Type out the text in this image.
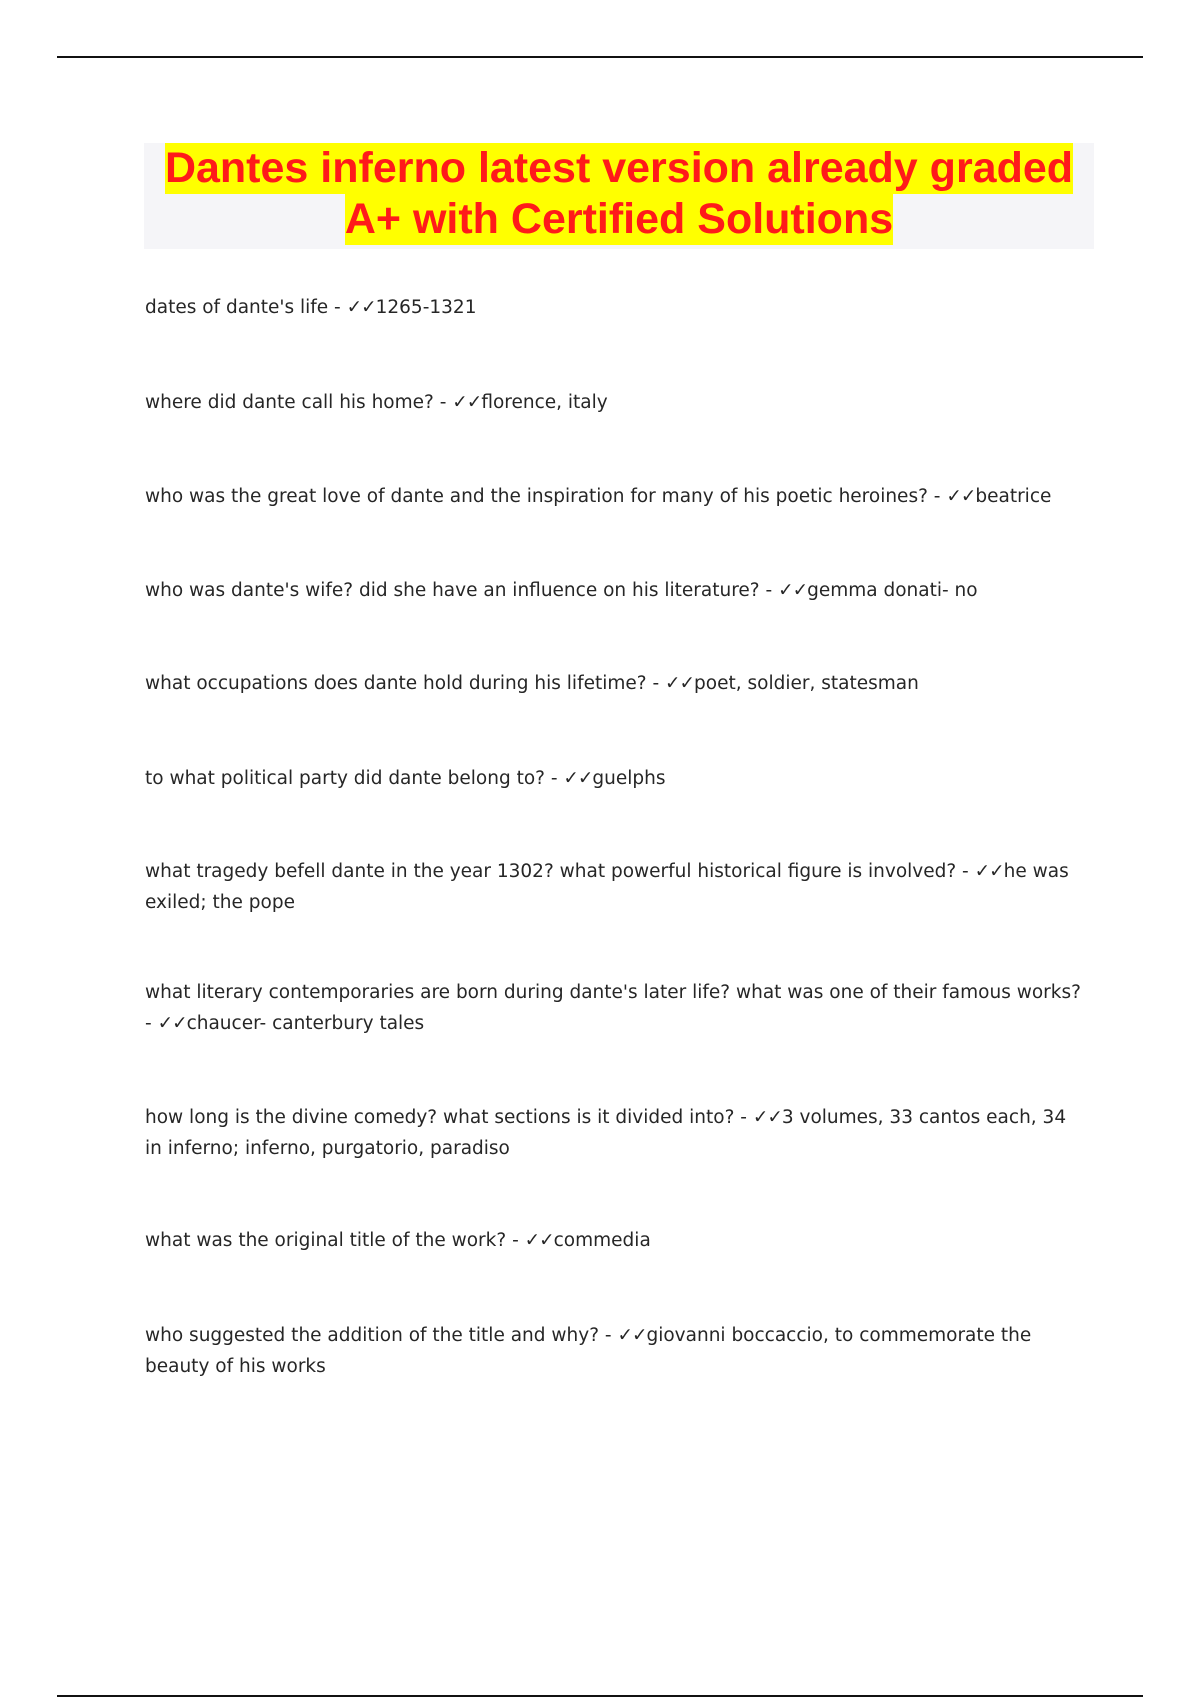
Dantes inferno latest version already graded
A+ with Certified Solutions

dates of dante's life - ✓✓1265-1321

where did dante call his home? - ✓✓florence, italy

who was the great love of dante and the inspiration for many of his poetic heroines? - ✓✓beatrice

who was dante's wife? did she have an influence on his literature? - ✓✓gemma donati- no

what occupations does dante hold during his lifetime? - ✓✓poet, soldier, statesman

to what political party did dante belong to? - ✓✓guelphs

what tragedy befell dante in the year 1302? what powerful historical figure is involved? - ✓✓he was exiled; the pope

what literary contemporaries are born during dante's later life? what was one of their famous works? - ✓✓chaucer- canterbury tales

how long is the divine comedy? what sections is it divided into? - ✓✓3 volumes, 33 cantos each, 34 in inferno; inferno, purgatorio, paradiso

what was the original title of the work? - ✓✓commedia

who suggested the addition of the title and why? - ✓✓giovanni boccaccio, to commemorate the beauty of his works
